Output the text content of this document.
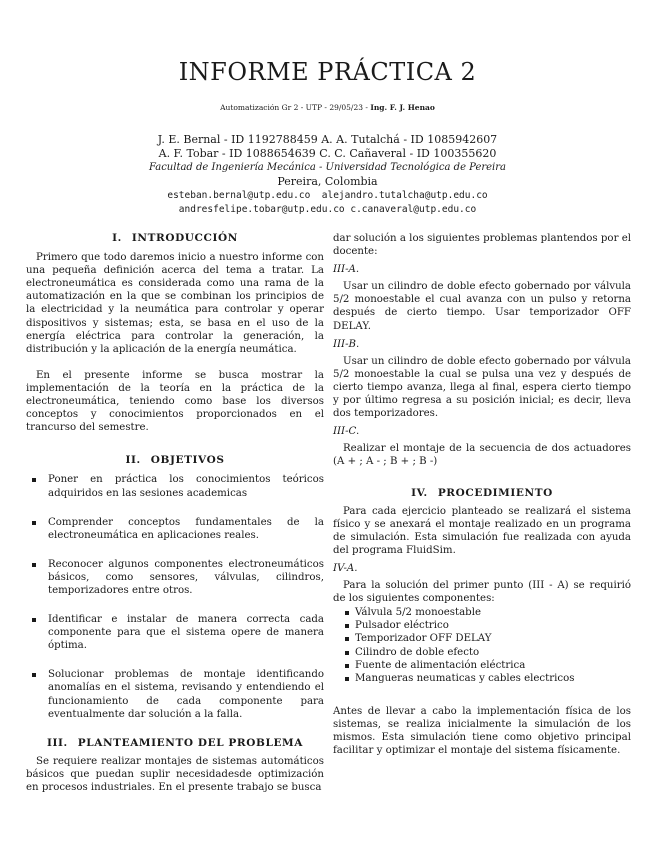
INFORME PRÁCTICA 2
Automatización Gr 2 - UTP - 29/05/23 - Ing. F. J. Henao
J. E. Bernal - ID 1192788459 A. A. Tutalchá - ID 1085942607
A. F. Tobar - ID 1088654639 C. C. Cañaveral - ID 100355620
Facultad de Ingeniería Mecánica - Universidad Tecnológica de Pereira
Pereira, Colombia
esteban.bernal@utp.edu.co  alejandro.tutalcha@utp.edu.co
andresfelipe.tobar@utp.edu.co c.canaveral@utp.edu.co
I. INTRODUCCIÓN

Primero que todo daremos inicio a nuestro informe con una pequeña definición acerca del tema a tratar. La electroneumática es considerada como una rama de la automatización en la que se combinan los principios de la electricidad y la neumática para controlar y operar dispositivos y sistemas; esta, se basa en el uso de la energía eléctrica para controlar la generación, la distribución y la aplicación de la energía neumática.

En el presente informe se busca mostrar la implementación de la teoría en la práctica de la electroneumática, teniendo como base los diversos conceptos y conocimientos proporcionados en el trancurso del semestre.

II. OBJETIVOS
Poner en práctica los conocimientos teóricos adquiridos en las sesiones academicas
Comprender conceptos fundamentales de la electroneumática en aplicaciones reales.
Reconocer algunos componentes electroneumáticos básicos, como sensores, válvulas, cilindros, temporizadores entre otros.
Identificar e instalar de manera correcta cada componente para que el sistema opere de manera óptima.
Solucionar problemas de montaje identificando anomalías en el sistema, revisando y entendiendo el funcionamiento de cada componente para eventualmente dar solución a la falla.
III. PLANTEAMIENTO DEL PROBLEMA

Se requiere realizar montajes de sistemas automáticos básicos que puedan suplir necesidadesde optimización en procesos industriales. En el presente trabajo se busca

dar solución a los siguientes problemas plantendos por el docente:

III-A.

Usar un cilindro de doble efecto gobernado por válvula 5/2 monoestable el cual avanza con un pulso y retorna después de cierto tiempo. Usar temporizador OFF DELAY.

III-B.

Usar un cilindro de doble efecto gobernado por válvula 5/2 monoestable la cual se pulsa una vez y después de cierto tiempo avanza, llega al final, espera cierto tiempo y por último regresa a su posición inicial; es decir, lleva dos temporizadores.

III-C.

Realizar el montaje de la secuencia de dos actuadores (A + ; A - ; B + ; B -)

IV. PROCEDIMIENTO

Para cada ejercicio planteado se realizará el sistema físico y se anexará el montaje realizado en un programa de simulación. Esta simulación fue realizada con ayuda del programa FluidSim.

IV-A.

Para la solución del primer punto (III - A) se requirió de los siguientes componentes:

Válvula 5/2 monoestable
Pulsador eléctrico
Temporizador OFF DELAY
Cilindro de doble efecto
Fuente de alimentación eléctrica
Mangueras neumaticas y cables electricos

Antes de llevar a cabo la implementación física de los sistemas, se realiza inicialmente la simulación de los mismos. Esta simulación tiene como objetivo principal facilitar y optimizar el montaje del sistema físicamente.
